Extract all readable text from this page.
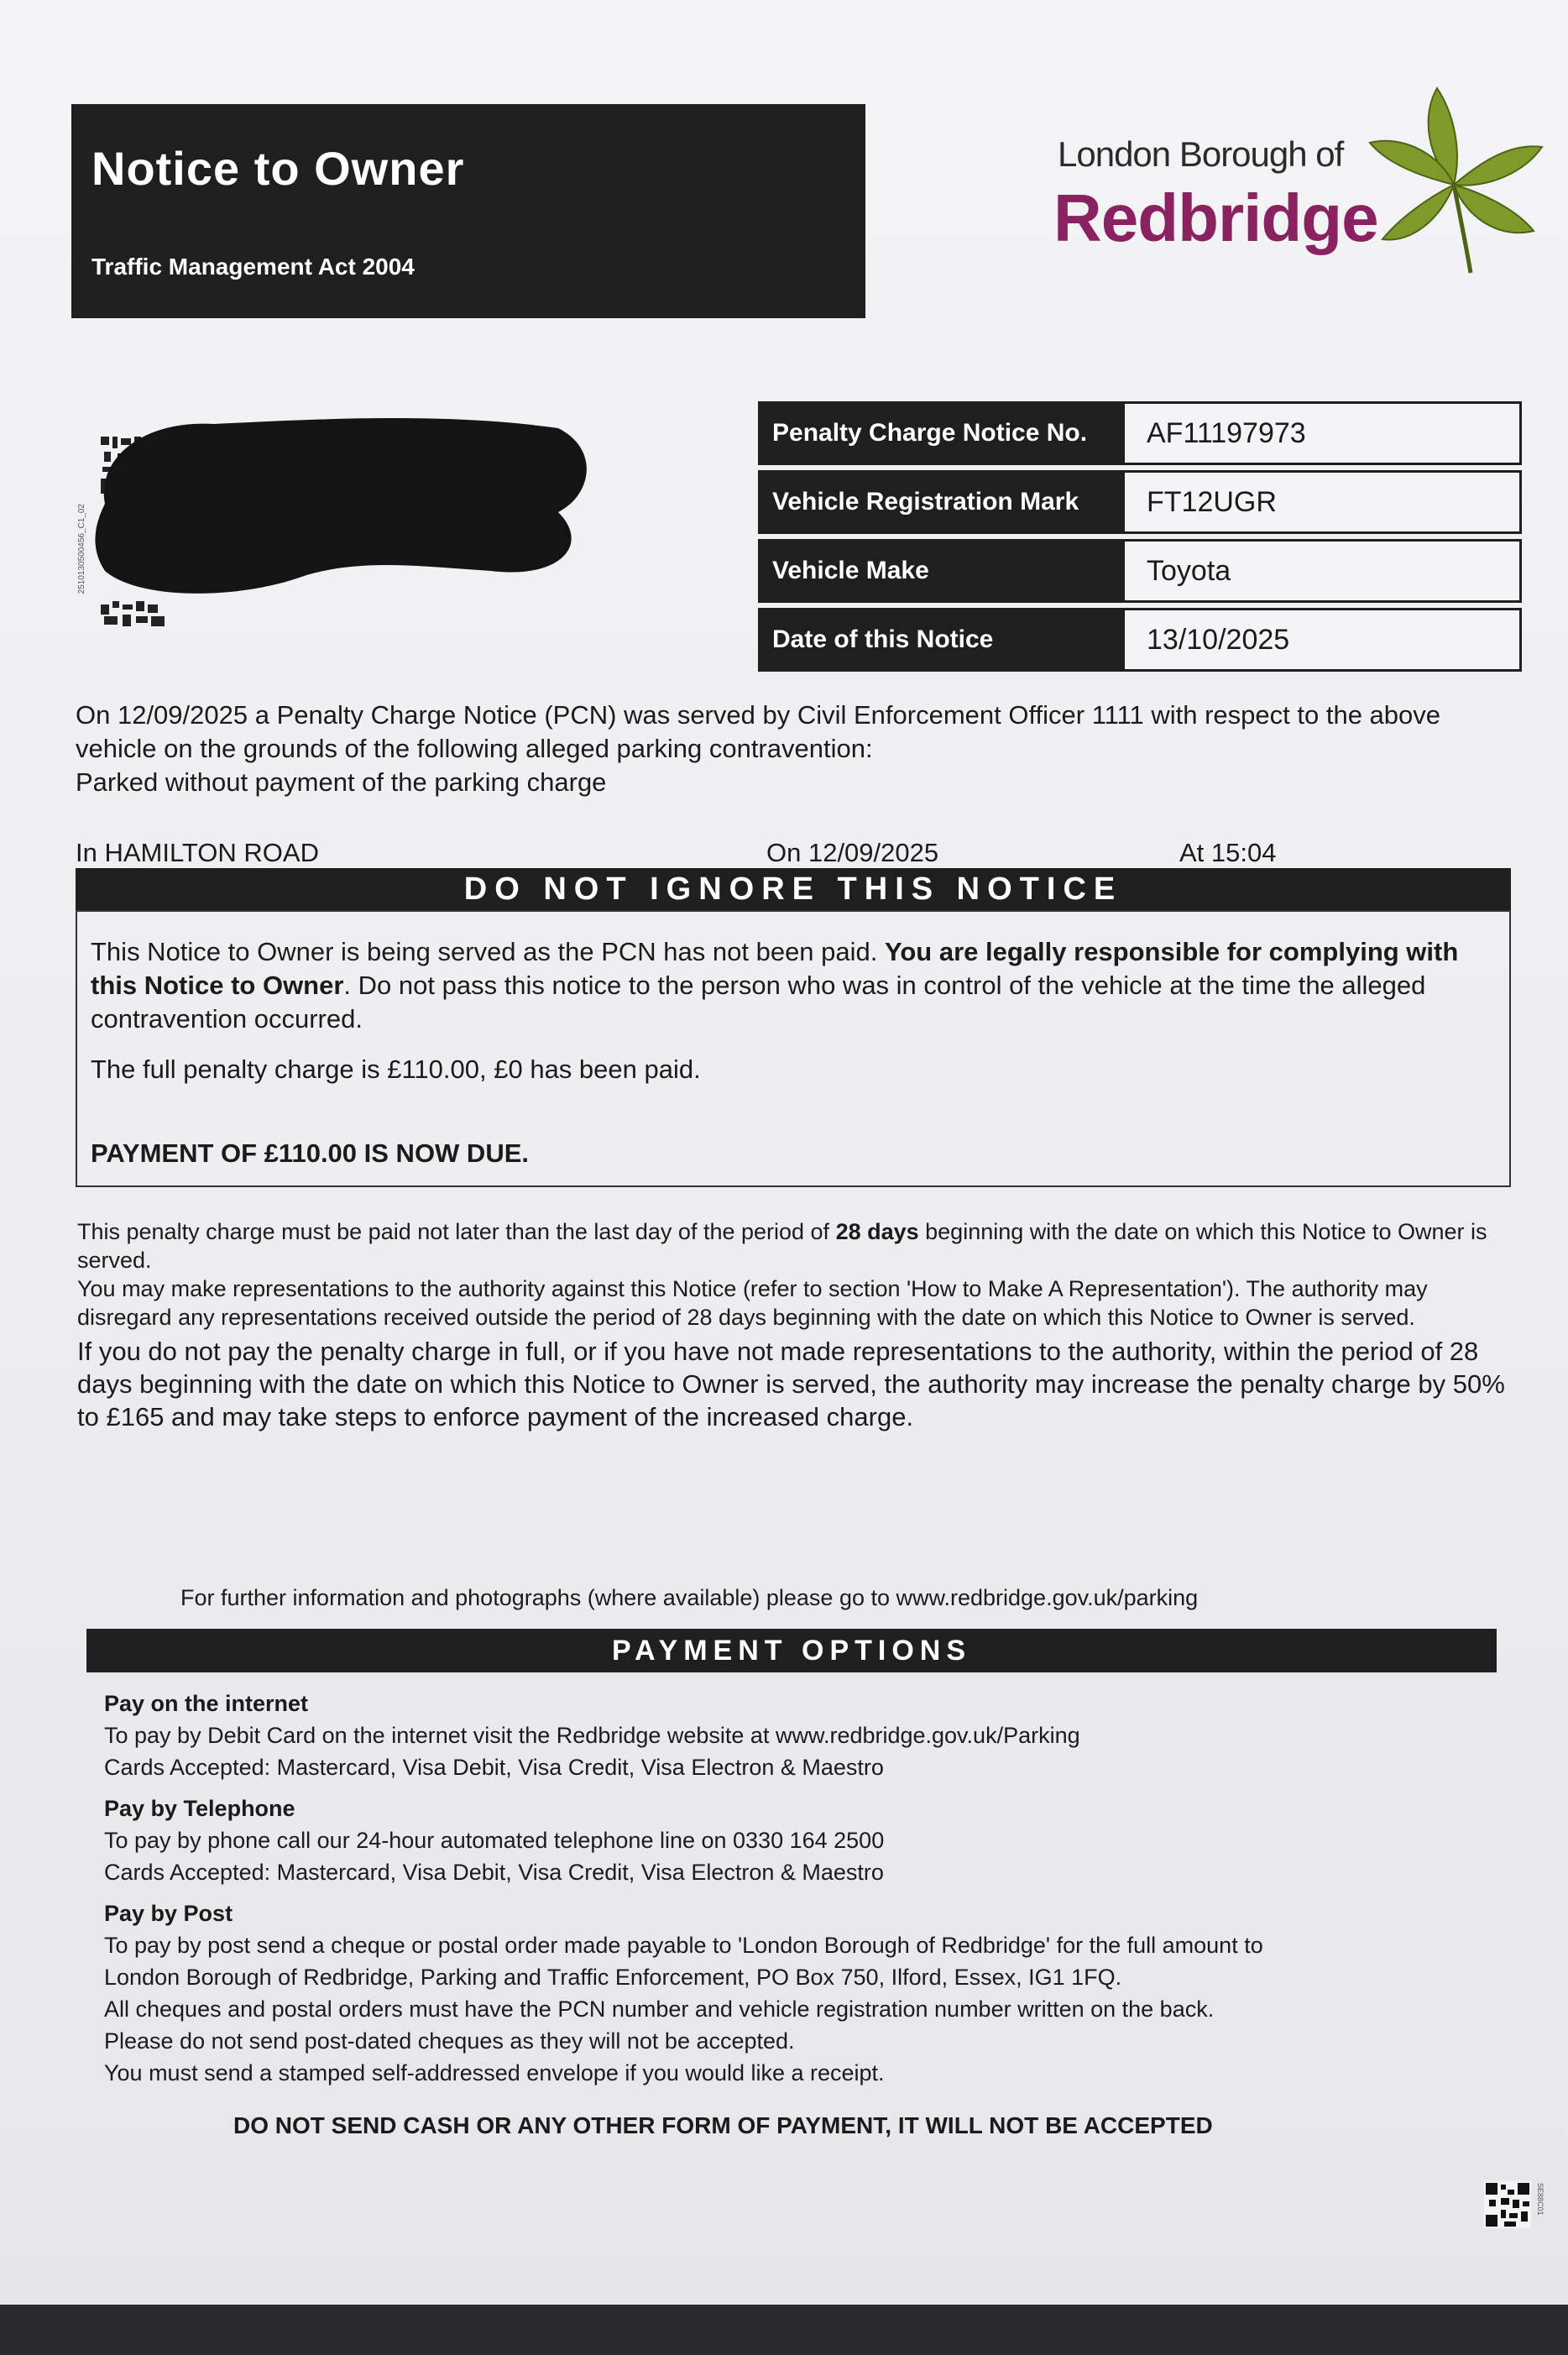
Notice to Owner
Traffic Management Act 2004
London Borough of
Redbridge
2510130500456_C1_02
Penalty Charge Notice No.	AF11197973
Vehicle Registration Mark	FT12UGR
Vehicle Make	Toyota
Date of this Notice	13/10/2025
On 12/09/2025 a Penalty Charge Notice (PCN) was served by Civil Enforcement Officer 1111 with respect to the above vehicle on the grounds of the following alleged parking contravention:
Parked without payment of the parking charge
In HAMILTON ROAD	On 12/09/2025	At 15:04
DO NOT IGNORE THIS NOTICE
This Notice to Owner is being served as the PCN has not been paid. You are legally responsible for complying with this Notice to Owner. Do not pass this notice to the person who was in control of the vehicle at the time the alleged contravention occurred.
The full penalty charge is £110.00, £0 has been paid.
PAYMENT OF £110.00 IS NOW DUE.

This penalty charge must be paid not later than the last day of the period of 28 days beginning with the date on which this Notice to Owner is served.

You may make representations to the authority against this Notice (refer to section 'How to Make A Representation'). The authority may disregard any representations received outside the period of 28 days beginning with the date on which this Notice to Owner is served.

If you do not pay the penalty charge in full, or if you have not made representations to the authority, within the period of 28 days beginning with the date on which this Notice to Owner is served, the authority may increase the penalty charge by 50% to £165 and may take steps to enforce payment of the increased charge.

For further information and photographs (where available) please go to www.redbridge.gov.uk/parking
PAYMENT OPTIONS
Pay on the internet
To pay by Debit Card on the internet visit the Redbridge website at www.redbridge.gov.uk/Parking
Cards Accepted: Mastercard, Visa Debit, Visa Credit, Visa Electron & Maestro
Pay by Telephone
To pay by phone call our 24-hour automated telephone line on 0330 164 2500
Cards Accepted: Mastercard, Visa Debit, Visa Credit, Visa Electron & Maestro
Pay by Post
To pay by post send a cheque or postal order made payable to 'London Borough of Redbridge' for the full amount to
London Borough of Redbridge, Parking and Traffic Enforcement, PO Box 750, Ilford, Essex, IG1 1FQ.
All cheques and postal orders must have the PCN number and vehicle registration number written on the back.
Please do not send post-dated cheques as they will not be accepted.
You must send a stamped self-addressed envelope if you would like a receipt.
DO NOT SEND CASH OR ANY OTHER FORM OF PAYMENT, IT WILL NOT BE ACCEPTED
SE88C01
